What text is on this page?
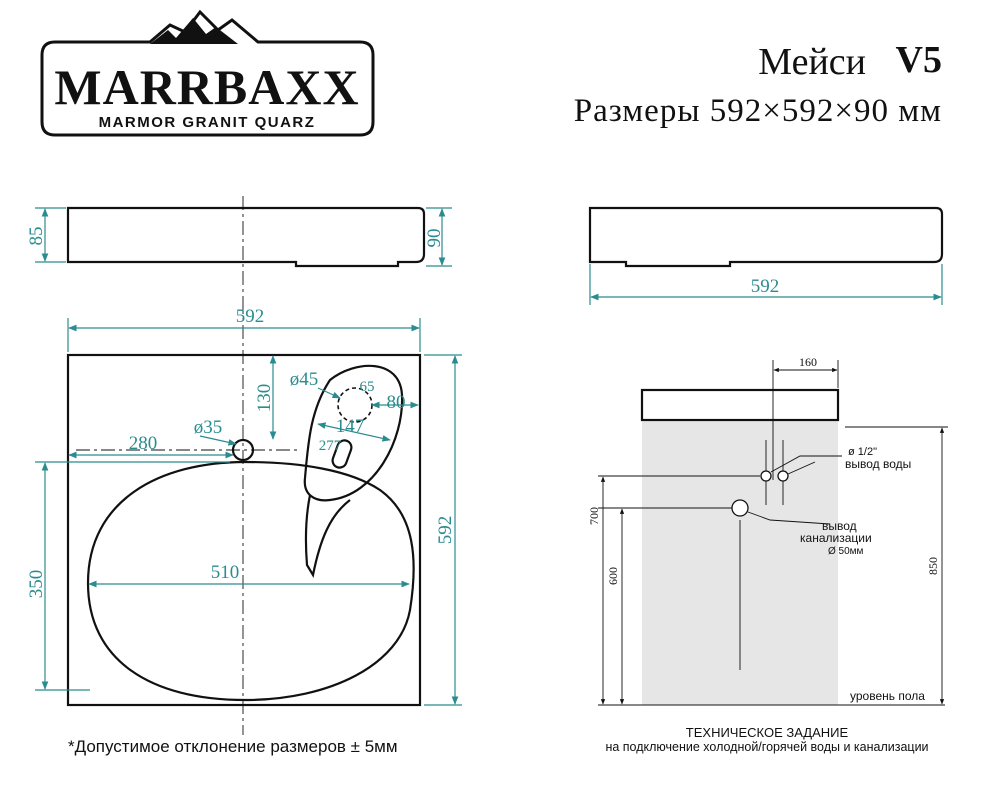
MARRBAXX
MARMOR GRANIT QUARZ
Мейси V5
Размеры 592×592×90 мм
85	90
592
592
592
350	510
280
ø35
130
ø45	65
80
147
277
160
700
600
850
ø 1/2"
вывод воды
вывод
канализации
Ø 50мм
уровень пола
ТЕХНИЧЕСКОЕ ЗАДАНИЕ
на подключение холодной/горячей воды и канализации
*Допустимое отклонение размеров ± 5мм
